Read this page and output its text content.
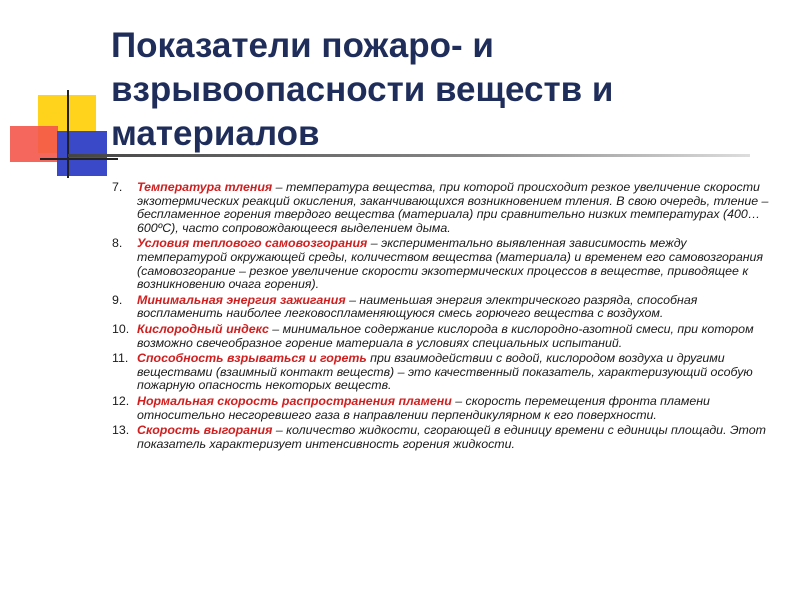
Показатели пожаро- и
взрывоопасности веществ и
материалов
7. Температура тления – температура вещества, при которой происходит резкое увеличение скорости экзотермических реакций окисления, заканчивающихся возникновением тления. В свою очередь, тление – беспламенное горения твердого вещества (материала) при сравнительно низких температурах (400…600ºС), часто сопровождающееся выделением дыма.
8. Условия теплового самовозгорания – экспериментально выявленная зависимость между температурой окружающей среды, количеством вещества (материала) и временем его самовозгорания (самовозгорание – резкое увеличение скорости экзотермических процессов в веществе, приводящее к возникновению очага горения).
9. Минимальная энергия зажигания – наименьшая энергия электрического разряда, способная воспламенить наиболее легковоспламеняющуюся смесь горючего вещества с воздухом.
10. Кислородный индекс – минимальное содержание кислорода в кислородно-азотной смеси, при котором возможно свечеобразное горение материала в условиях специальных испытаний.
11. Способность взрываться и гореть при взаимодействии с водой, кислородом воздуха и другими веществами (взаимный контакт веществ) – это качественный показатель, характеризующий особую пожарную опасность некоторых веществ.
12. Нормальная скорость распространения пламени – скорость перемещения фронта пламени относительно несгоревшего газа в направлении перпендикулярном к его поверхности.
13. Скорость выгорания – количество жидкости, сгорающей в единицу времени с единицы площади. Этот показатель характеризует интенсивность горения жидкости.
